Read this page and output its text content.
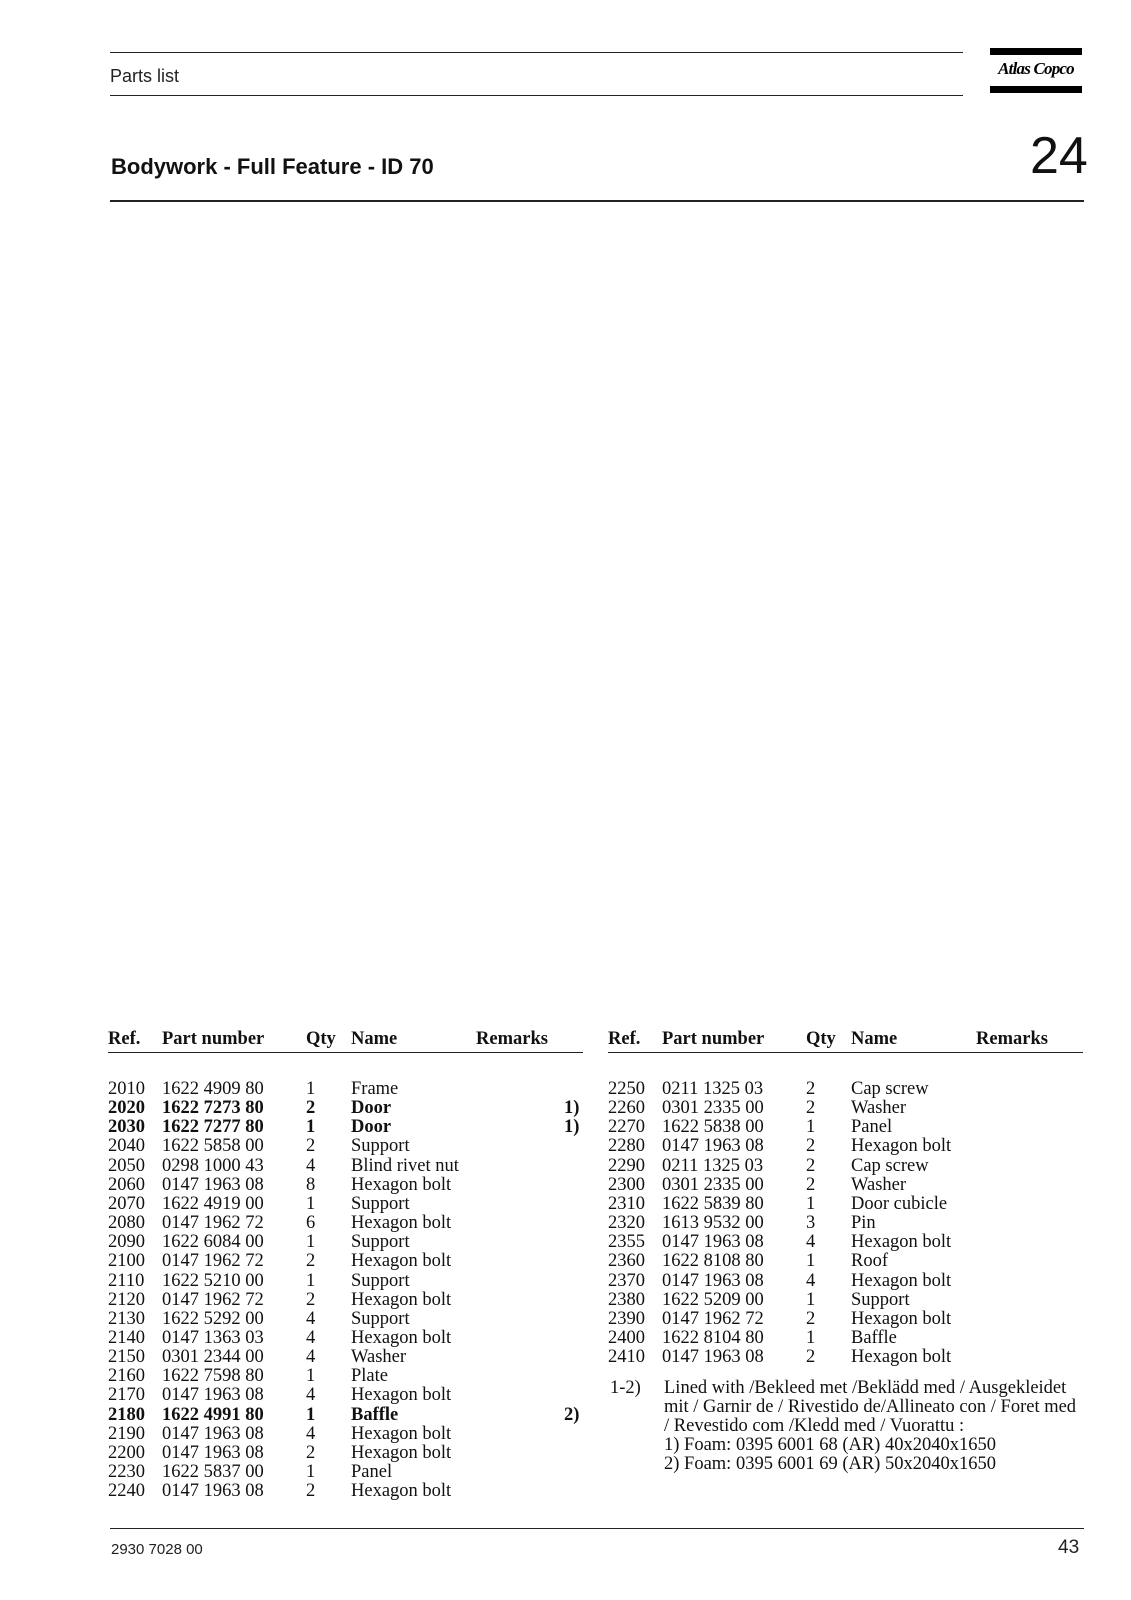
Parts list	Atlas Copco
Bodywork - Full Feature - ID 70	24
Ref. Part number Qty Name	Remarks
2010 1622 4909 80 1 Frame
2020 1622 7273 80 2 Door	1)
2030 1622 7277 80 1 Door	1)
2040 1622 5858 00 2 Support
2050 0298 1000 43 4 Blind rivet nut
2060 0147 1963 08 8 Hexagon bolt
2070 1622 4919 00 1 Support
2080 0147 1962 72 6 Hexagon bolt
2090 1622 6084 00 1 Support
2100 0147 1962 72 2 Hexagon bolt
2110 1622 5210 00 1 Support
2120 0147 1962 72 2 Hexagon bolt
2130 1622 5292 00 4 Support
2140 0147 1363 03 4 Hexagon bolt
2150 0301 2344 00 4 Washer
2160 1622 7598 80 1 Plate
2170 0147 1963 08 4 Hexagon bolt
2180 1622 4991 80 1 Baffle	2)
2190 0147 1963 08 4 Hexagon bolt
2200 0147 1963 08 2 Hexagon bolt
2230 1622 5837 00 1 Panel
2240 0147 1963 08 2 Hexagon bolt
Ref. Part number Qty Name	Remarks
2250 0211 1325 03 2 Cap screw
2260 0301 2335 00 2 Washer
2270 1622 5838 00 1 Panel
2280 0147 1963 08 2 Hexagon bolt
2290 0211 1325 03 2 Cap screw
2300 0301 2335 00 2 Washer
2310 1622 5839 80 1 Door cubicle
2320 1613 9532 00 3 Pin
2355 0147 1963 08 4 Hexagon bolt
2360 1622 8108 80 1 Roof
2370 0147 1963 08 4 Hexagon bolt
2380 1622 5209 00 1 Support
2390 0147 1962 72 2 Hexagon bolt
2400 1622 8104 80 1 Baffle
2410 0147 1963 08 2 Hexagon bolt
1-2) Lined with /Bekleed met /Beklädd med / Ausgekleidet
mit / Garnir de / Rivestido de/Allineato con / Foret med
/ Revestido com /Kledd med / Vuorattu :
1) Foam: 0395 6001 68 (AR) 40x2040x1650
2) Foam: 0395 6001 69 (AR) 50x2040x1650
2930 7028 00	43
